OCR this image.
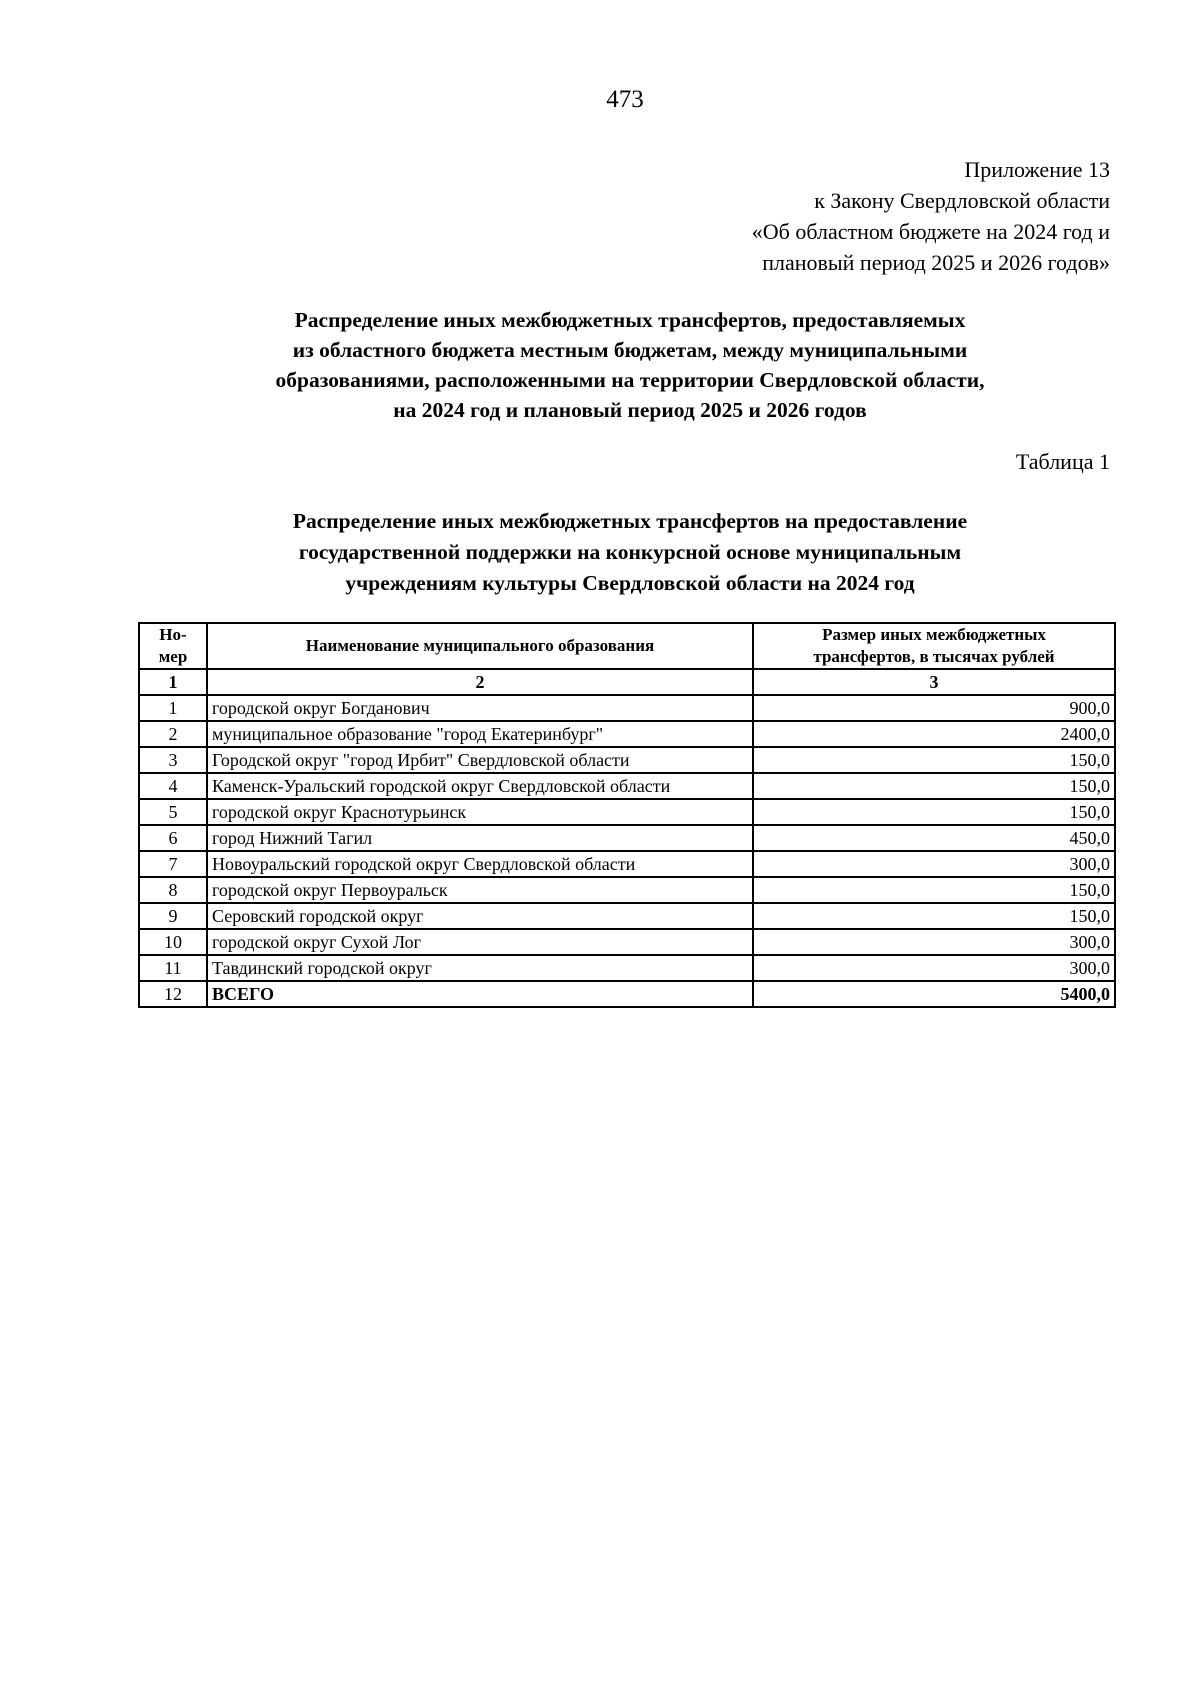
473
Приложение 13
к Закону Свердловской области
«Об областном бюджете на 2024 год и
плановый период 2025 и 2026 годов»
Распределение иных межбюджетных трансфертов, предоставляемых
из областного бюджета местным бюджетам, между муниципальными
образованиями, расположенными на территории Свердловской области,
на 2024 год и плановый период 2025 и 2026 годов
Таблица 1
Распределение иных межбюджетных трансфертов на предоставление
государственной поддержки на конкурсной основе муниципальным
учреждениям культуры Свердловской области на 2024 год
Но-
мер	Наименование муниципального образования	Размер иных межбюджетных
трансфертов, в тысячах рублей
1	2	3
1	городской округ Богданович	900,0
2	муниципальное образование "город Екатеринбург"	2400,0
3	Городской округ "город Ирбит" Свердловской области	150,0
4	Каменск-Уральский городской округ Свердловской области	150,0
5	городской округ Краснотурьинск	150,0
6	город Нижний Тагил	450,0
7	Новоуральский городской округ Свердловской области	300,0
8	городской округ Первоуральск	150,0
9	Серовский городской округ	150,0
10	городской округ Сухой Лог	300,0
11	Тавдинский городской округ	300,0
12	ВСЕГО	5400,0
